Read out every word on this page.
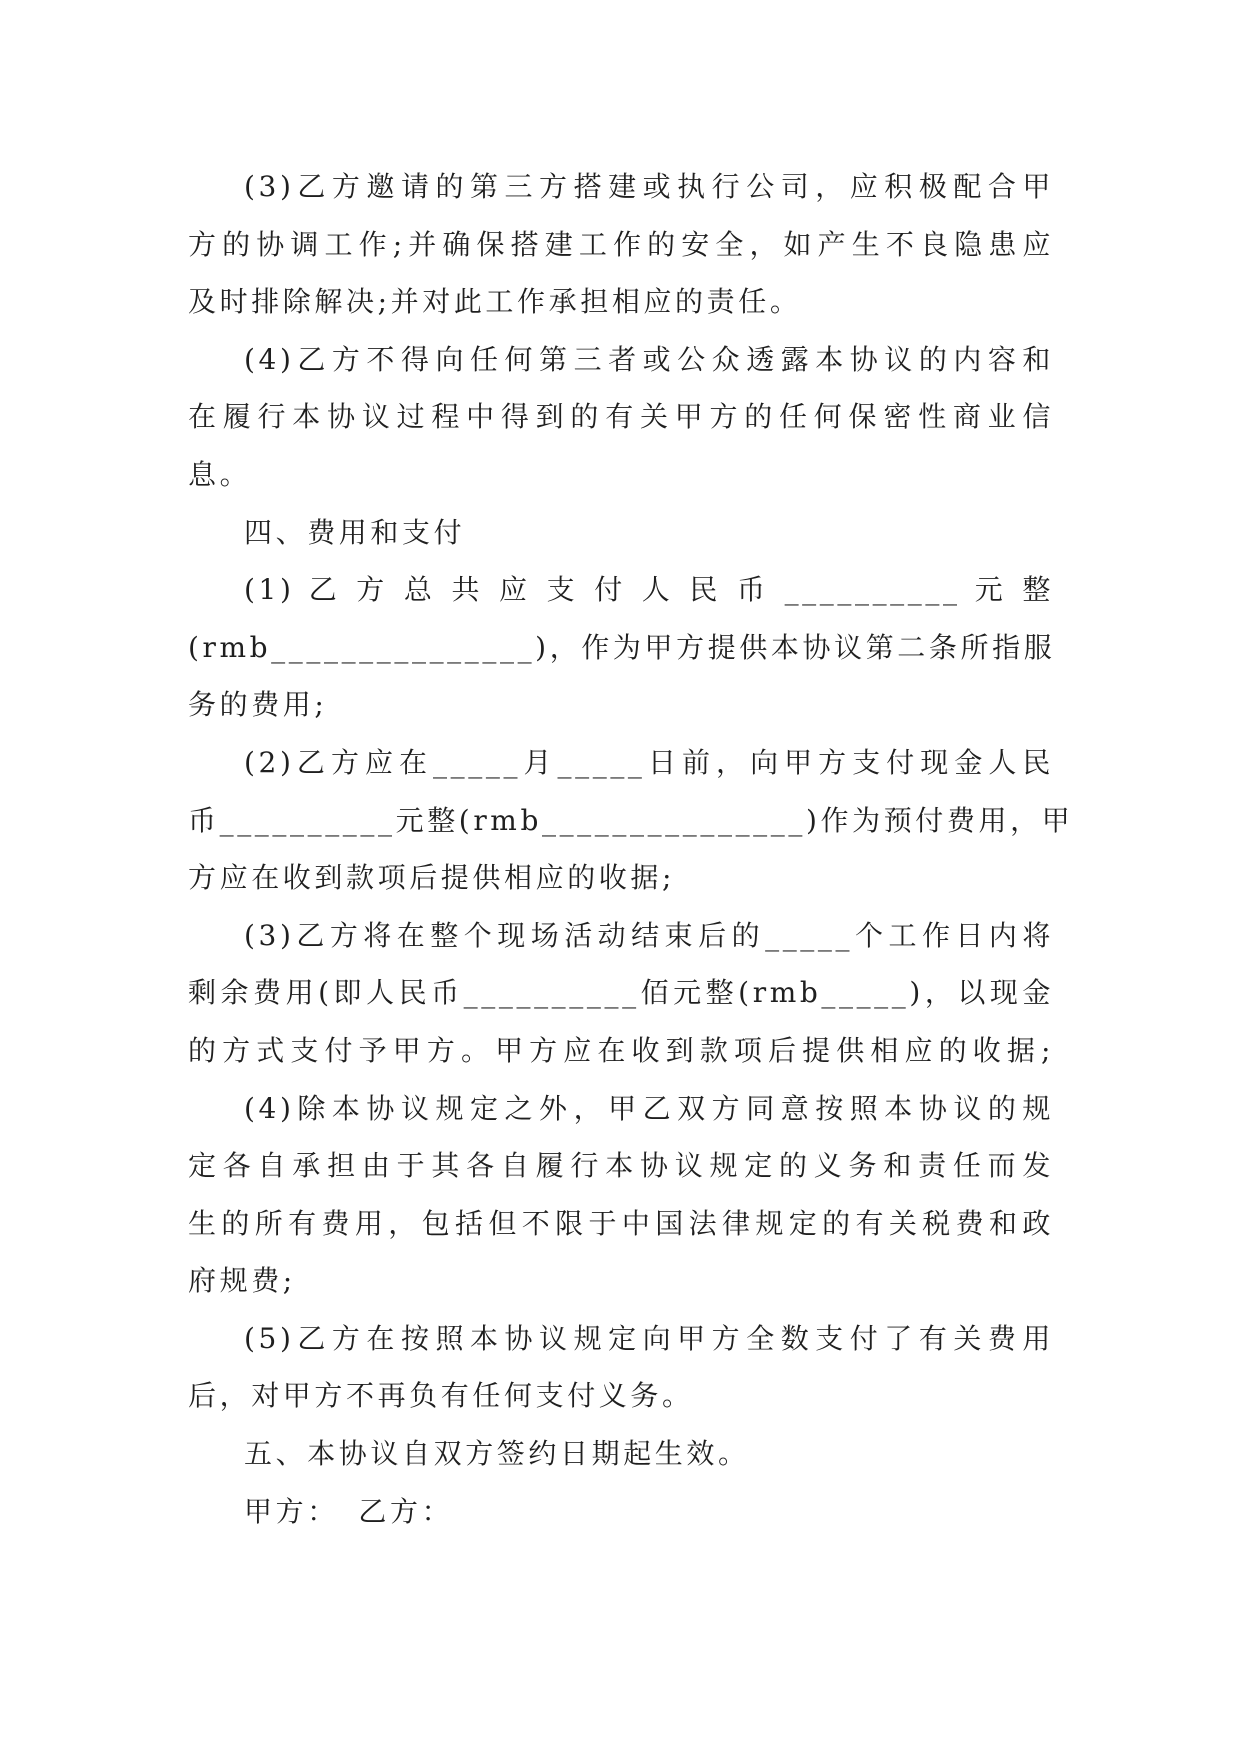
(3)乙方邀请的第三方搭建或执行公司，应积极配合甲
方的协调工作;并确保搭建工作的安全，如产生不良隐患应
及时排除解决;并对此工作承担相应的责任。

(4)乙方不得向任何第三者或公众透露本协议的内容和
在履行本协议过程中得到的有关甲方的任何保密性商业信
息。

四、费用和支付

(1) 乙 方 总 共 应 支 付 人 民 币 __________ 元 整
(rmb_______________)，作为甲方提供本协议第二条所指服
务的费用;

(2)乙方应在_____月_____日前，向甲方支付现金人民
币__________元整(rmb_______________)作为预付费用，甲
方应在收到款项后提供相应的收据;

(3)乙方将在整个现场活动结束后的_____个工作日内将
剩余费用(即人民币__________佰元整(rmb_____)，以现金
的方式支付予甲方。甲方应在收到款项后提供相应的收据;

(4)除本协议规定之外，甲乙双方同意按照本协议的规
定各自承担由于其各自履行本协议规定的义务和责任而发
生的所有费用，包括但不限于中国法律规定的有关税费和政
府规费;

(5)乙方在按照本协议规定向甲方全数支付了有关费用
后，对甲方不再负有任何支付义务。

五、本协议自双方签约日期起生效。

甲方： 乙方：
